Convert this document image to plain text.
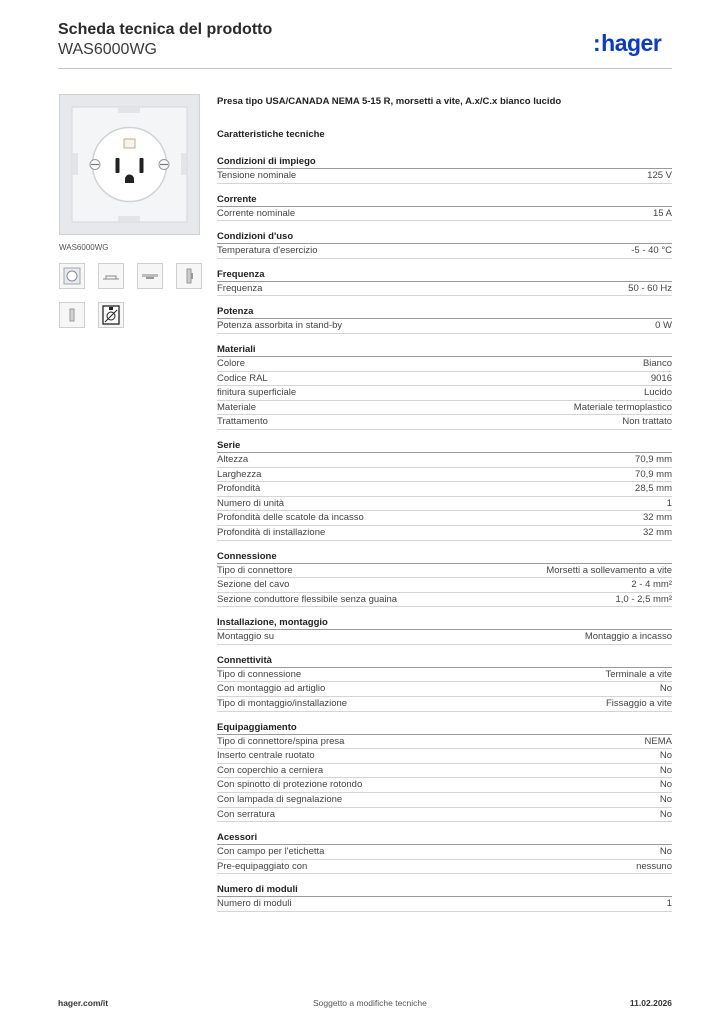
Scheda tecnica del prodotto
WAS6000WG	:hager
WAS6000WG
Presa tipo USA/CANADA NEMA 5-15 R, morsetti a vite, A.x/C.x bianco lucido
Caratteristiche tecniche
Condizioni di impiego
Tensione nominale	125 V
Corrente
Corrente nominale	15 A
Condizioni d'uso
Temperatura d'esercizio	-5 - 40 °C
Frequenza
Frequenza	50 - 60 Hz
Potenza
Potenza assorbita in stand-by	0 W
Materiali
Colore	Bianco
Codice RAL	9016
finitura superficiale	Lucido
Materiale	Materiale termoplastico
Trattamento	Non trattato
Serie
Altezza	70,9 mm
Larghezza	70,9 mm
Profondità	28,5 mm
Numero di unità	1
Profondità delle scatole da incasso	32 mm
Profondità di installazione	32 mm
Connessione
Tipo di connettore	Morsetti a sollevamento a vite
Sezione del cavo	2 - 4 mm²
Sezione conduttore flessibile senza guaina	1,0 - 2,5 mm²
Installazione, montaggio
Montaggio su	Montaggio a incasso
Connettività
Tipo di connessione	Terminale a vite
Con montaggio ad artiglio	No
Tipo di montaggio/installazione	Fissaggio a vite
Equipaggiamento
Tipo di connettore/spina presa	NEMA
Inserto centrale ruotato	No
Con coperchio a cerniera	No
Con spinotto di protezione rotondo	No
Con lampada di segnalazione	No
Con serratura	No
Acessori
Con campo per l'etichetta	No
Pre-equipaggiato con	nessuno
Numero di moduli
Numero di moduli	1
hager.com/it	Soggetto a modifiche tecniche	11.02.2026
